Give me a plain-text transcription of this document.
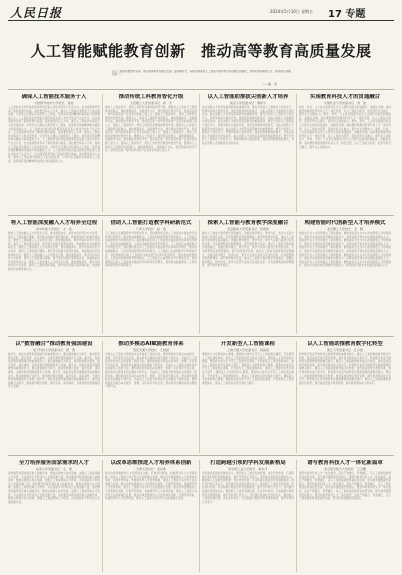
人民日报	2024年5月10日 星期五 17 专题
人工智能赋能教育创新　推动高等教育高质量发展
以人工智能助推教育变革，推动高等教育内涵式发展。面向新时代，高校积极探索人工智能与教育教学深度融合的路径，加快培养高素质人才，服务国家战略需求……
——编　者
确保人工智能技术服务于人
中国科学技术大学校长　常进
人工智能技术的迅猛发展深刻改变着人类社会的生产生活方式，也为高等教育带来了新的机遇与挑战。高校要坚持以人为本，推动人工智能技术服务于人的全面发展，引导学生正确认识和使用人工智能，培养具有创新精神和实践能力的高素质人才。人工智能技术的迅猛发展深刻改变着人类社会的生产生活方式，也为高等教育带来了新的机遇与挑战。高校要坚持以人为本，推动人工智能技术服务于人的全面发展，引导学生正确认识和使用人工智能，培养具有创新精神和实践能力的高素质人才。人工智能技术的迅猛发展深刻改变着人类社会的生产生活方式，也为高等教育带来了新的机遇与挑战。高校要坚持以人为本，推动人工智能技术服务于人的全面发展，引导学生正确认识和使用人工智能，培养具有创新精神和实践能力的高素质人才。人工智能技术的迅猛发展深刻改变着人类社会的生产生活方式，也为高等教育带来了新的机遇与挑战。高校要坚持以人为本，推动人工智能技术服务于人的全面发展，引导学生正确认识和使用人工智能，培养具有创新精神和实践能力的高素质人才。人工智能技术的迅猛发展深刻改变着人类社会的生产生活方式，也为高等教育带来了新的机遇与挑战。高校要坚持以人为本，推动人工智能技术服务于人的全面发展，引导学生正确认识和使用人工智能，培养具有创新精神和实践能力的高素质人才。
推动传统工科教育智化升级
大连理工大学党委书记　杨　宇
面向人工智能时代，传统工科教育需要加快转型升级。要推动人工智能与工程教育深度融合，重构课程体系，创新教学方法，建设智能化教学平台，培养适应新一轮科技革命和产业变革的卓越工程人才。面向人工智能时代，传统工科教育需要加快转型升级。要推动人工智能与工程教育深度融合，重构课程体系，创新教学方法，建设智能化教学平台，培养适应新一轮科技革命和产业变革的卓越工程人才。面向人工智能时代，传统工科教育需要加快转型升级。要推动人工智能与工程教育深度融合，重构课程体系，创新教学方法，建设智能化教学平台，培养适应新一轮科技革命和产业变革的卓越工程人才。面向人工智能时代，传统工科教育需要加快转型升级。要推动人工智能与工程教育深度融合，重构课程体系，创新教学方法，建设智能化教学平台，培养适应新一轮科技革命和产业变革的卓越工程人才。面向人工智能时代，传统工科教育需要加快转型升级。要推动人工智能与工程教育深度融合，重构课程体系，创新教学方法，建设智能化教学平台，培养适应新一轮科技革命和产业变革的卓越工程人才。
以人工智能助推拔尖创新人才培养
南京大学党委书记　谭铁牛
拔尖创新人才培养是高等教育的重要使命。要充分发挥人工智能在个性化学习、科研训练等方面的优势，探索因材施教的新模式，为拔尖创新人才脱颖而出创造条件。拔尖创新人才培养是高等教育的重要使命。要充分发挥人工智能在个性化学习、科研训练等方面的优势，探索因材施教的新模式，为拔尖创新人才脱颖而出创造条件。拔尖创新人才培养是高等教育的重要使命。要充分发挥人工智能在个性化学习、科研训练等方面的优势，探索因材施教的新模式，为拔尖创新人才脱颖而出创造条件。拔尖创新人才培养是高等教育的重要使命。要充分发挥人工智能在个性化学习、科研训练等方面的优势，探索因材施教的新模式，为拔尖创新人才脱颖而出创造条件。拔尖创新人才培养是高等教育的重要使命。要充分发挥人工智能在个性化学习、科研训练等方面的优势，探索因材施教的新模式，为拔尖创新人才脱颖而出创造条件。
实现教育科技人才的贯通融合
中国矿业大学党委书记　刘　波
教育、科技、人才是全面建设社会主义现代化国家的基础性、战略性支撑。高校要统筹推进教育科技人才一体化发展，以人工智能为纽带，促进学科交叉融合，提升自主创新能力。教育、科技、人才是全面建设社会主义现代化国家的基础性、战略性支撑。高校要统筹推进教育科技人才一体化发展，以人工智能为纽带，促进学科交叉融合，提升自主创新能力。教育、科技、人才是全面建设社会主义现代化国家的基础性、战略性支撑。高校要统筹推进教育科技人才一体化发展，以人工智能为纽带，促进学科交叉融合，提升自主创新能力。教育、科技、人才是全面建设社会主义现代化国家的基础性、战略性支撑。高校要统筹推进教育科技人才一体化发展，以人工智能为纽带，促进学科交叉融合，提升自主创新能力。教育、科技、人才是全面建设社会主义现代化国家的基础性、战略性支撑。高校要统筹推进教育科技人才一体化发展，以人工智能为纽带，促进学科交叉融合，提升自主创新能力。
将人工智能深度融入人才培养全过程
华中科技大学校长　尤　政
要把人工智能融入人才培养全过程，推进课程体系、教学内容和评价方式改革，建设人工智能通识课程，提升师生的数字素养和技能，构建智能时代的教育新生态。要把人工智能融入人才培养全过程，推进课程体系、教学内容和评价方式改革，建设人工智能通识课程，提升师生的数字素养和技能，构建智能时代的教育新生态。要把人工智能融入人才培养全过程，推进课程体系、教学内容和评价方式改革，建设人工智能通识课程，提升师生的数字素养和技能，构建智能时代的教育新生态。要把人工智能融入人才培养全过程，推进课程体系、教学内容和评价方式改革，建设人工智能通识课程，提升师生的数字素养和技能，构建智能时代的教育新生态。要把人工智能融入人才培养全过程，推进课程体系、教学内容和评价方式改革，建设人工智能通识课程，提升师生的数字素养和技能，构建智能时代的教育新生态。
借助人工智能打造教学科研新范式
广西大学校长　赵　艳
人工智能正在重塑教学与科研的范式。高校要积极运用人工智能技术赋能教学改革和科学研究，推动形成数据驱动、人机协同的新型教学科研模式。人工智能正在重塑教学与科研的范式。高校要积极运用人工智能技术赋能教学改革和科学研究，推动形成数据驱动、人机协同的新型教学科研模式。人工智能正在重塑教学与科研的范式。高校要积极运用人工智能技术赋能教学改革和科学研究，推动形成数据驱动、人机协同的新型教学科研模式。人工智能正在重塑教学与科研的范式。高校要积极运用人工智能技术赋能教学改革和科学研究，推动形成数据驱动、人机协同的新型教学科研模式。人工智能正在重塑教学与科研的范式。高校要积极运用人工智能技术赋能教学改革和科学研究，推动形成数据驱动、人机协同的新型教学科研模式。
探索人工智能与教育教学深度融合
北京邮电大学党委书记　吴建伟
推动人工智能与教育教学深度融合，需要在教学理念、教学内容、教学方法等方面进行系统性变革，打造智慧教室和智慧课堂，提升教育教学质量。推动人工智能与教育教学深度融合，需要在教学理念、教学内容、教学方法等方面进行系统性变革，打造智慧教室和智慧课堂，提升教育教学质量。推动人工智能与教育教学深度融合，需要在教学理念、教学内容、教学方法等方面进行系统性变革，打造智慧教室和智慧课堂，提升教育教学质量。推动人工智能与教育教学深度融合，需要在教学理念、教学内容、教学方法等方面进行系统性变革，打造智慧教室和智慧课堂，提升教育教学质量。推动人工智能与教育教学深度融合，需要在教学理念、教学内容、教学方法等方面进行系统性变革，打造智慧教室和智慧课堂，提升教育教学质量。
构建智能时代创新型人才培养模式
北京理工大学校长　龙　腾
智能时代对人才培养提出了新的要求。要构建以学生为中心的创新型人才培养模式，强化学生的批判性思维和创新能力，培养能够引领未来发展的高素质人才。智能时代对人才培养提出了新的要求。要构建以学生为中心的创新型人才培养模式，强化学生的批判性思维和创新能力，培养能够引领未来发展的高素质人才。智能时代对人才培养提出了新的要求。要构建以学生为中心的创新型人才培养模式，强化学生的批判性思维和创新能力，培养能够引领未来发展的高素质人才。智能时代对人才培养提出了新的要求。要构建以学生为中心的创新型人才培养模式，强化学生的批判性思维和创新能力，培养能够引领未来发展的高素质人才。智能时代对人才培养提出了新的要求。要构建以学生为中心的创新型人才培养模式，强化学生的批判性思维和创新能力，培养能够引领未来发展的高素质人才。
以“数智融合”推动教育强国建设
电子科技大学党委书记　曾　勇
数字化、智能化是教育强国建设的重要驱动力。要以数智融合为抓手，推动教育理念更新、模式变革、体系重构，为建设教育强国提供有力支撑。数字化、智能化是教育强国建设的重要驱动力。要以数智融合为抓手，推动教育理念更新、模式变革、体系重构，为建设教育强国提供有力支撑。数字化、智能化是教育强国建设的重要驱动力。要以数智融合为抓手，推动教育理念更新、模式变革、体系重构，为建设教育强国提供有力支撑。数字化、智能化是教育强国建设的重要驱动力。要以数智融合为抓手，推动教育理念更新、模式变革、体系重构，为建设教育强国提供有力支撑。数字化、智能化是教育强国建设的重要驱动力。要以数智融合为抓手，推动教育理念更新、模式变革、体系重构，为建设教育强国提供有力支撑。
推动多模态AI赋能教育体系
西安交通大学校长　王树国
多模态人工智能为教育体系变革提供了新的可能。要积极探索多模态AI在教学、管理、评价等环节的应用，推动教育治理体系和治理能力现代化。多模态人工智能为教育体系变革提供了新的可能。要积极探索多模态AI在教学、管理、评价等环节的应用，推动教育治理体系和治理能力现代化。多模态人工智能为教育体系变革提供了新的可能。要积极探索多模态AI在教学、管理、评价等环节的应用，推动教育治理体系和治理能力现代化。多模态人工智能为教育体系变革提供了新的可能。要积极探索多模态AI在教学、管理、评价等环节的应用，推动教育治理体系和治理能力现代化。多模态人工智能为教育体系变革提供了新的可能。要积极探索多模态AI在教学、管理、评价等环节的应用，推动教育治理体系和治理能力现代化。
开发新型人工智能课程
上海交通大学党委书记　杨振斌
课程是人才培养的核心要素。要面向全体学生开设人工智能相关课程，开发新型人工智能课程体系，推动人工智能知识普及和能力提升。课程是人才培养的核心要素。要面向全体学生开设人工智能相关课程，开发新型人工智能课程体系，推动人工智能知识普及和能力提升。课程是人才培养的核心要素。要面向全体学生开设人工智能相关课程，开发新型人工智能课程体系，推动人工智能知识普及和能力提升。课程是人才培养的核心要素。要面向全体学生开设人工智能相关课程，开发新型人工智能课程体系，推动人工智能知识普及和能力提升。课程是人才培养的核心要素。要面向全体学生开设人工智能相关课程，开发新型人工智能课程体系，推动人工智能知识普及和能力提升。
以人工智能助推教育数字化转型
浙江大学党委书记　任少波
教育数字化是开辟教育发展新赛道的重要突破口。要以人工智能助推教育数字化转型，建设高质量数字教育资源，提升教育服务能力和水平。教育数字化是开辟教育发展新赛道的重要突破口。要以人工智能助推教育数字化转型，建设高质量数字教育资源，提升教育服务能力和水平。教育数字化是开辟教育发展新赛道的重要突破口。要以人工智能助推教育数字化转型，建设高质量数字教育资源，提升教育服务能力和水平。教育数字化是开辟教育发展新赛道的重要突破口。要以人工智能助推教育数字化转型，建设高质量数字教育资源，提升教育服务能力和水平。教育数字化是开辟教育发展新赛道的重要突破口。要以人工智能助推教育数字化转型，建设高质量数字教育资源，提升教育服务能力和水平。
全力培养服务国家需求的人才
东南大学党委书记　左　惟
高校要坚持服务国家重大战略需求，聚焦关键核心技术领域，加强人工智能领域人才培养，为实现高水平科技自立自强贡献力量。高校要坚持服务国家重大战略需求，聚焦关键核心技术领域，加强人工智能领域人才培养，为实现高水平科技自立自强贡献力量。高校要坚持服务国家重大战略需求，聚焦关键核心技术领域，加强人工智能领域人才培养，为实现高水平科技自立自强贡献力量。高校要坚持服务国家重大战略需求，聚焦关键核心技术领域，加强人工智能领域人才培养，为实现高水平科技自立自强贡献力量。高校要坚持服务国家重大战略需求，聚焦关键核心技术领域，加强人工智能领域人才培养，为实现高水平科技自立自强贡献力量。
以改革思维推进人才培养体系创新
天津大学校长　金东寒
要以改革思维推进人才培养体系创新，打破学科壁垒，构建跨学科人才培养机制，推动人工智能与各学科专业深度融合发展。要以改革思维推进人才培养体系创新，打破学科壁垒，构建跨学科人才培养机制，推动人工智能与各学科专业深度融合发展。要以改革思维推进人才培养体系创新，打破学科壁垒，构建跨学科人才培养机制，推动人工智能与各学科专业深度融合发展。要以改革思维推进人才培养体系创新，打破学科壁垒，构建跨学科人才培养机制，推动人工智能与各学科专业深度融合发展。要以改革思维推进人才培养体系创新，打破学科壁垒，构建跨学科人才培养机制，推动人工智能与各学科专业深度融合发展。
打造跨越引领的学科发展新格局
哈尔滨工业大学校长　韩杰才
学科建设是高校发展的龙头。要抢抓人工智能发展机遇，优化学科布局，打造跨越引领的学科发展新格局，提升学科核心竞争力。学科建设是高校发展的龙头。要抢抓人工智能发展机遇，优化学科布局，打造跨越引领的学科发展新格局，提升学科核心竞争力。学科建设是高校发展的龙头。要抢抓人工智能发展机遇，优化学科布局，打造跨越引领的学科发展新格局，提升学科核心竞争力。学科建设是高校发展的龙头。要抢抓人工智能发展机遇，优化学科布局，打造跨越引领的学科发展新格局，提升学科核心竞争力。学科建设是高校发展的龙头。要抢抓人工智能发展机遇，优化学科布局，打造跨越引领的学科发展新格局，提升学科核心竞争力。
谱写教育科技人才一体化新篇章
北京航空航天大学校长　王云鹏
要坚持教育科技人才一体化推进，深化产教融合、科教融汇，以人工智能赋能教育高质量发展，谱写教育强国建设新篇章。要坚持教育科技人才一体化推进，深化产教融合、科教融汇，以人工智能赋能教育高质量发展，谱写教育强国建设新篇章。要坚持教育科技人才一体化推进，深化产教融合、科教融汇，以人工智能赋能教育高质量发展，谱写教育强国建设新篇章。要坚持教育科技人才一体化推进，深化产教融合、科教融汇，以人工智能赋能教育高质量发展，谱写教育强国建设新篇章。要坚持教育科技人才一体化推进，深化产教融合、科教融汇，以人工智能赋能教育高质量发展，谱写教育强国建设新篇章。
